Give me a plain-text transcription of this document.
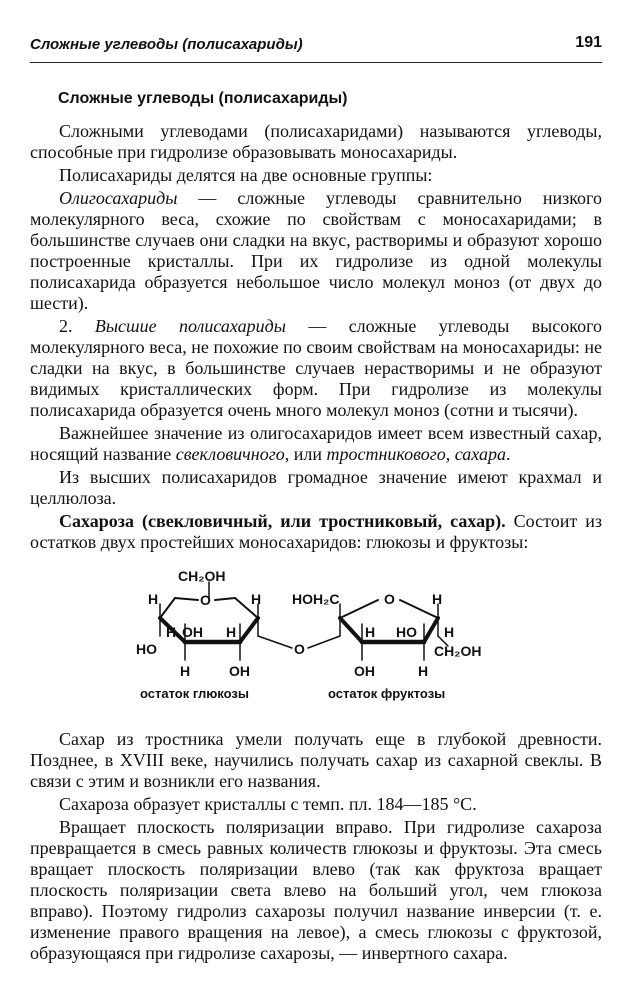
Сложные углеводы (полисахариды)	191
Сложные углеводы (полисахариды)

Сложными углеводами (полисахаридами) называются углеводы, способные при гидролизе образовывать моносахариды.

Полисахариды делятся на две основные группы:

Олигосахариды — сложные углеводы сравнительно низкого молекулярного веса, схожие по свойствам с моносахаридами; в большинстве случаев они сладки на вкус, растворимы и образуют хорошо построенные кристаллы. При их гидролизе из одной молекулы полисахарида образуется небольшое число молекул моноз (от двух до шести).

2. Высшие полисахариды — сложные углеводы высокого молекулярного веса, не похожие по своим свойствам на моносахариды: не сладки на вкус, в большинстве случаев нерастворимы и не образуют видимых кристаллических форм. При гидролизе из молекулы полисахарида образуется очень много молекул моноз (сотни и тысячи).

Важнейшее значение из олигосахаридов имеет всем известный сахар, носящий название свекловичного, или тростникового, сахара.

Из высших полисахаридов громадное значение имеют крахмал и целлюлоза.

Сахароза (свекловичный, или тростниковый, сахар). Состоит из остатков двух простейших моносахаридов: глюкозы и фруктозы:

CH₂OH
H	O	H
H OH H
HO
H	OH
O
HOH₂C	O	H
H HO H
OH	H
CH₂OH
остаток глюкозы	остаток фруктозы

Сахар из тростника умели получать еще в глубокой древности. Позднее, в XVIII веке, научились получать сахар из сахарной свеклы. В связи с этим и возникли его названия.

Сахароза образует кристаллы с темп. пл. 184—185 °С.

Вращает плоскость поляризации вправо. При гидролизе сахароза превращается в смесь равных количеств глюкозы и фруктозы. Эта смесь вращает плоскость поляризации влево (так как фруктоза вращает плоскость поляризации света влево на больший угол, чем глюкоза вправо). Поэтому гидролиз сахарозы получил название инверсии (т. е. изменение правого вращения на левое), а смесь глюкозы с фруктозой, образующаяся при гидролизе сахарозы, — инвертного сахара.
